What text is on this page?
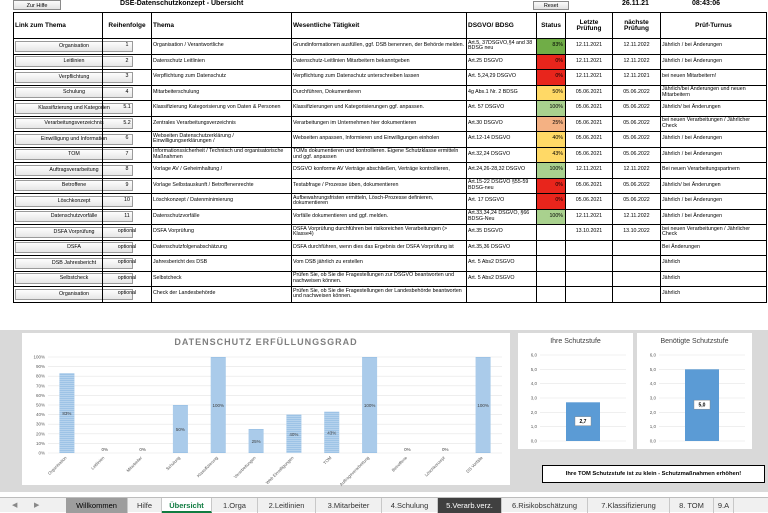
Zur Hilfe	DSE-Datenschutzkonzept - Übersicht	Reset	26.11.21	08:43:06
Link zum Thema	Reihenfolge	Thema	Wesentliche Tätigkeit	DSGVO/ BDSG	Status	Letzte Prüfung	nächste Prüfung	Prüf-Turnus

Organisation	1	Organisation / Verantwortliche	Grundinformationen ausfüllen, ggf. DSB benennen, der Behörde melden.	Art.5, 37DSGVO,§4 and 38 BDSG neu	83%	12.11.2021	12.11.2022	Jährlich / bei Änderungen

Leitlinien	2	Datenschutz Leitlinien	Datenschutz-Leitlinien Mitarbeitern bekanntgeben	Art.25 DSGVO	0%	12.11.2021	12.11.2022	Jährlich / bei Änderungen

Verpflichtung	3	Verpflichtung zum Datenschutz	Verpflichtung zum Datenschutz unterschreiben lassen	Art. 5,24,29 DSGVO	0%	12.11.2021	12.11.2021	bei neuen Mitarbeitern!

Schulung	4	Mitarbeiterschulung	Durchführen, Dokumentieren	4g Abs.1 Nr. 2 BDSG	50%	05.06.2021	05.06.2022	Jährlich/bei Änderungen und neuen Mitarbeitern

Klassifizierung und Kategorien	5.1	Klassifizierung Kategorisierung von Daten & Personen	Klassifizierungen und Kategorisierungen ggf. anpassen.	Art. 57 DSGVO	100%	05.06.2021	05.06.2022	Jährlich/ bei Änderungen

Verarbeitungsverzeichnis	5.2	Zentrales Verarbeitungsverzeichnis	Verarbeitungen im Unternehmen hier dokumentieren	Art.30 DSGVO	25%	05.06.2021	05.06.2022	bei neuen Verarbeitungen / Jährlicher Check

Einwilligung und Information	6	Webseiten Datenschutzerklärung / Einwilligungserklärungen /	Webseiten anpassen, Informieren und Einwilligungen einholen	Art.12-14 DSGVO	40%	05.06.2021	05.06.2022	Jährlich / bei Änderungen

TOM	7	Informationssicherheit / Technisch und organisatorische Maßnahmen	TOMs dokumentieren und kontrollieren. Eigene Schutzklasse ermitteln und ggf. anpassen	Art.32,24 DSGVO	43%	05.06.2021	05.06.2022	Jährlich / bei Änderungen

Auftragsverarbeitung	8	Vorlage AV / Geheimhaltung /	DSGVO konforme AV Verträge abschließen, Verträge kontrollieren,	Art.24,26-28,32 DSGVO	100%	12.11.2021	12.11.2022	Bei neuen Verarbeitungspartnern

Betroffene	9	Vorlage Selbstauskunft / Betroffenenrechte	Testabfrage / Prozesse üben, dokumentieren	Art.15-22 DSGVO §55-59 BDSG-neu	0%	05.06.2021	05.06.2022	Jährlich/ bei Änderungen

Löschkonzept	10	Löschkonzept / Datenminimierung	Aufbewahrungsfristen ermitteln, Lösch-Prozesse definieren, dokumentieren	Art. 17 DSGVO	0%	05.06.2021	05.06.2022	Jährlich / bei Änderungen

Datenschutzvorfälle	11	Datenschutzvorfälle	Vorfälle dokumentieren und ggf. melden.	Art.33,34,24 DSGVO, §66 BDSG-Neu	100%	12.11.2021	12.11.2022	Jährlich / bei Änderungen

DSFA Vorprüfung	optional	DSFA Vorprüfung	DSFA Vorprüfung durchführen bei risikoreichen Verarbeitungen (> Klasse4)	Art.35 DSGVO		13.10.2021	13.10.2022	bei neuen Verarbeitungen / Jährlicher Check

DSFA	optional	Datenschutzfolgenabschätzung	DSFA durchführen, wenn dies das Ergebnis der DSFA Vorprüfung ist	Art.35,36 DSGVO				Bei Änderungen

DSB Jahresbericht	optional	Jahresbericht des DSB	Vom DSB jährlich zu erstellen	Art. 5 Abs2 DSGVO				Jährlich

Selbstcheck	optional	Selbstcheck	Prüfen Sie, ob Sie die Fragestellungen zur DSGVO beantworten und nachweisen können.	Art. 5 Abs2 DSGVO				Jährlich

Organisation	optional	Check der Landesbehörde	Prüfen Sie, ob Sie die Fragestellungen der Landesbehörde beantworten und nachweisen können.					Jährlich
DATENSCHUTZ ERFÜLLUNGSGRAD
0%
10%
20%
30%
40%
50%
60%
70%
80%
90%
100%
83%
Organisation
0%
Leitlinien
0%
Mitarbeiter
50%
Schulung
100%
Klassifizierung
25%
Verarbeitungen
40%
Web Einwilligungen
43%
TOM
100%
Auftragsverarbeitung
0%
Betroffene
0%
Löschkonzept
100%
DS Vorfälle
Ihre Schutzstufe
0,0
1,0
2,0
3,0
4,0
5,0
6,0
2,7
Benötigte Schutzstufe
0,0
1,0
2,0
3,0
4,0
5,0
6,0
5,0
Ihre TOM Schutzstufe ist zu klein - Schutzmaßnahmen erhöhen!
◀ ▶	Willkommen	Hilfe	Übersicht	1.Orga	2.Leitlinien	3.Mitarbeiter	4.Schulung	5.Verarb.verz.	6.Risikobschätzung	7.Klassifizierung	8. TOM	9.A
